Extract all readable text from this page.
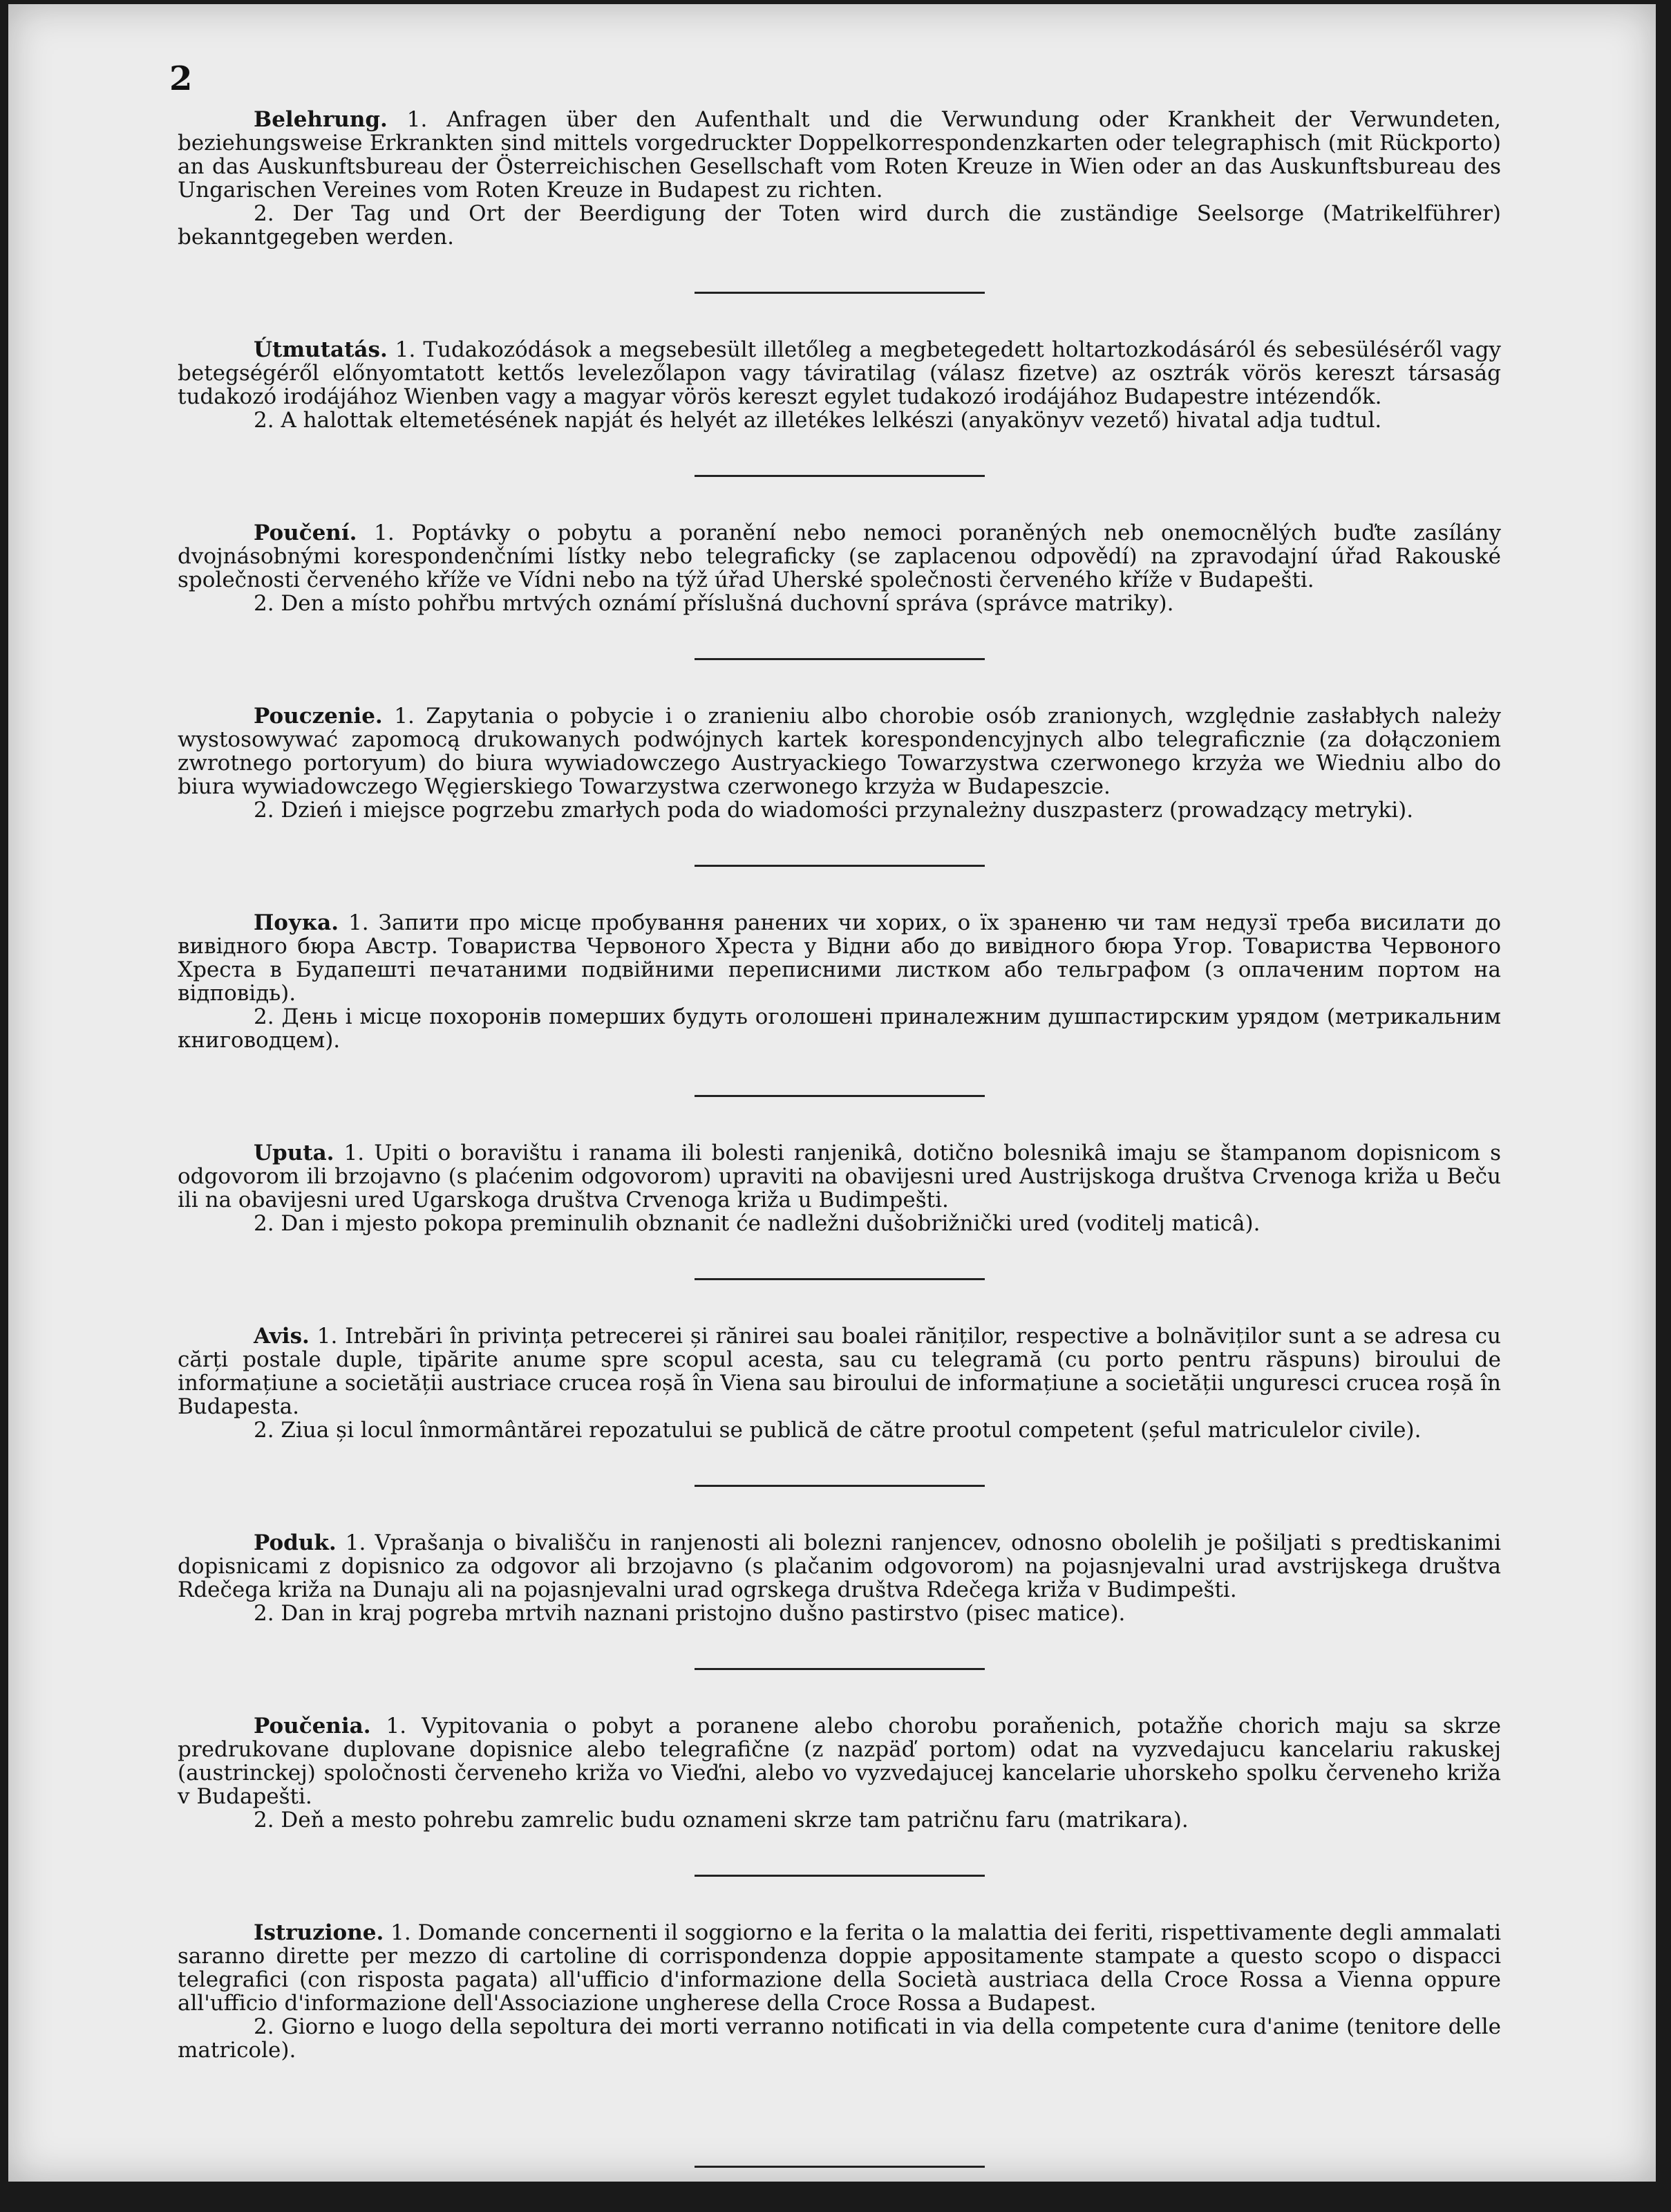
2

Belehrung. 1. Anfragen über den Aufenthalt und die Verwundung oder Krankheit der Verwundeten, beziehungsweise Erkrankten sind mittels vorgedruckter Doppelkorrespondenzkarten oder telegraphisch (mit Rückporto) an das Auskunftsbureau der Österreichischen Gesellschaft vom Roten Kreuze in Wien oder an das Auskunftsbureau des Ungarischen Vereines vom Roten Kreuze in Budapest zu richten.

2. Der Tag und Ort der Beerdigung der Toten wird durch die zuständige Seelsorge (Matrikelführer) bekanntgegeben werden.

Útmutatás. 1. Tudakozódások a megsebesült illetőleg a megbetegedett holtartozkodásáról és sebesüléséről vagy betegségéről előnyomtatott kettős levelezőlapon vagy táviratilag (válasz fizetve) az osztrák vörös kereszt társaság tudakozó irodájához Wienben vagy a magyar vörös kereszt egylet tudakozó irodájához Budapestre intézendők.

2. A halottak eltemetésének napját és helyét az illetékes lelkészi (anyakönyv vezető) hivatal adja tudtul.

Poučení. 1. Poptávky o pobytu a poranění nebo nemoci poraněných neb onemocnělých buďte zasílány dvojnásobnými korespondenčními lístky nebo telegraficky (se zaplacenou odpovědí) na zpravodajní úřad Rakouské společnosti červeného kříže ve Vídni nebo na týž úřad Uherské společnosti červeného kříže v Budapešti.

2. Den a místo pohřbu mrtvých oznámí příslušná duchovní správa (správce matriky).

Pouczenie. 1. Zapytania o pobycie i o zranieniu albo chorobie osób zranionych, względnie zasłabłych należy wystosowywać zapomocą drukowanych podwójnych kartek korespondencyjnych albo telegraficznie (za dołączoniem zwrotnego portoryum) do biura wywiadowczego Austryackiego Towarzystwa czerwonego krzyża we Wiedniu albo do biura wywiadowczego Węgierskiego Towarzystwa czerwonego krzyża w Budapeszcie.

2. Dzień i miejsce pogrzebu zmarłych poda do wiadomości przynależny duszpasterz (prowadzący metryki).

Поука. 1. Запити про місце пробування ранених чи хорих, о їх зраненю чи там недузї треба висилати до вивідного бюра Австр. Товариства Червоного Хреста у Відни або до вивідного бюра Угор. Товариства Червоного Хреста в Будапешті печатаними подвійними переписними листком або тельграфом (з оплаченим портом на відповідь).

2. День і місце похоронів померших будуть оголошені приналежним душпастирским урядом (метрикальним книговодцем).

Uputa. 1. Upiti o boravištu i ranama ili bolesti ranjenikâ, dotično bolesnikâ imaju se štampanom dopisnicom s odgovorom ili brzojavno (s plaćenim odgovorom) upraviti na obavijesni ured Austrijskoga društva Crvenoga križa u Beču ili na obavijesni ured Ugarskoga društva Crvenoga križa u Budimpešti.

2. Dan i mjesto pokopa preminulih obznanit će nadležni dušobrižnički ured (voditelj maticâ).

Avis. 1. Intrebări în privința petrecerei și rănirei sau boalei răniților, respective a bolnăviților sunt a se adresa cu cărți postale duple, tipărite anume spre scopul acesta, sau cu telegramă (cu porto pentru răspuns) biroului de informațiune a societății austriace crucea roșă în Viena sau biroului de informațiune a societății unguresci crucea roșă în Budapesta.

2. Ziua și locul înmormântărei repozatului se publică de către prootul competent (șeful matriculelor civile).

Poduk. 1. Vprašanja o bivališču in ranjenosti ali bolezni ranjencev, odnosno obolelih je pošiljati s predtiskanimi dopisnicami z dopisnico za odgovor ali brzojavno (s plačanim odgovorom) na pojasnjevalni urad avstrijskega društva Rdečega križa na Dunaju ali na pojasnjevalni urad ogrskega društva Rdečega križa v Budimpešti.

2. Dan in kraj pogreba mrtvih naznani pristojno dušno pastirstvo (pisec matice).

Poučenia. 1. Vypitovania o pobyt a poranene alebo chorobu poraňenich, potažňe chorich maju sa skrze predrukovane duplovane dopisnice alebo telegrafične (z nazpäď portom) odat na vyzvedajucu kancelariu rakuskej (austrinckej) spoločnosti červeneho križa vo Vieďni, alebo vo vyzvedajucej kancelarie uhorskeho spolku červeneho križa v Budapešti.

2. Deň a mesto pohrebu zamrelic budu oznameni skrze tam patričnu faru (matrikara).

Istruzione. 1. Domande concernenti il soggiorno e la ferita o la malattia dei feriti, rispettivamente degli ammalati saranno dirette per mezzo di cartoline di corrispondenza doppie appositamente stampate a questo scopo o dispacci telegrafici (con risposta pagata) all'ufficio d'informazione della Società austriaca della Croce Rossa a Vienna oppure all'ufficio d'informazione dell'Associazione ungherese della Croce Rossa a Budapest.

2. Giorno e luogo della sepoltura dei morti verranno notificati in via della competente cura d'anime (tenitore delle matricole).
